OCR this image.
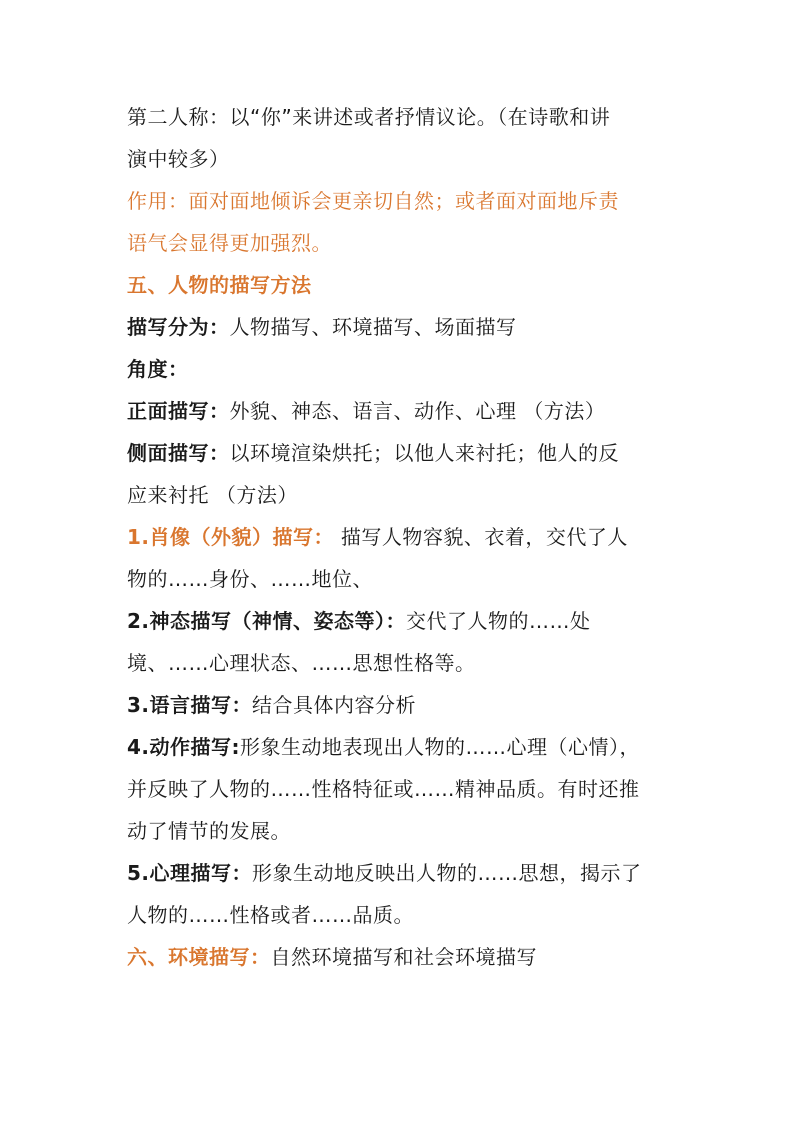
第二人称：以“你”来讲述或者抒情议论。（在诗歌和讲
演中较多）
作用：面对面地倾诉会更亲切自然；或者面对面地斥责
语气会显得更加强烈。
五、人物的描写方法
描写分为：人物描写、环境描写、场面描写
角度：
正面描写：外貌、神态、语言、动作、心理 （方法）
侧面描写：以环境渲染烘托；以他人来衬托；他人的反
应来衬托 （方法）
1.肖像（外貌）描写： 描写人物容貌、衣着，交代了人
物的……身份、……地位、
2.神态描写（神情、姿态等）：交代了人物的……处
境、……心理状态、……思想性格等。
3.语言描写：结合具体内容分析
4.动作描写:形象生动地表现出人物的……心理（心情），
并反映了人物的……性格特征或……精神品质。有时还推
动了情节的发展。
5.心理描写：形象生动地反映出人物的……思想，揭示了
人物的……性格或者……品质。
六、环境描写：自然环境描写和社会环境描写
